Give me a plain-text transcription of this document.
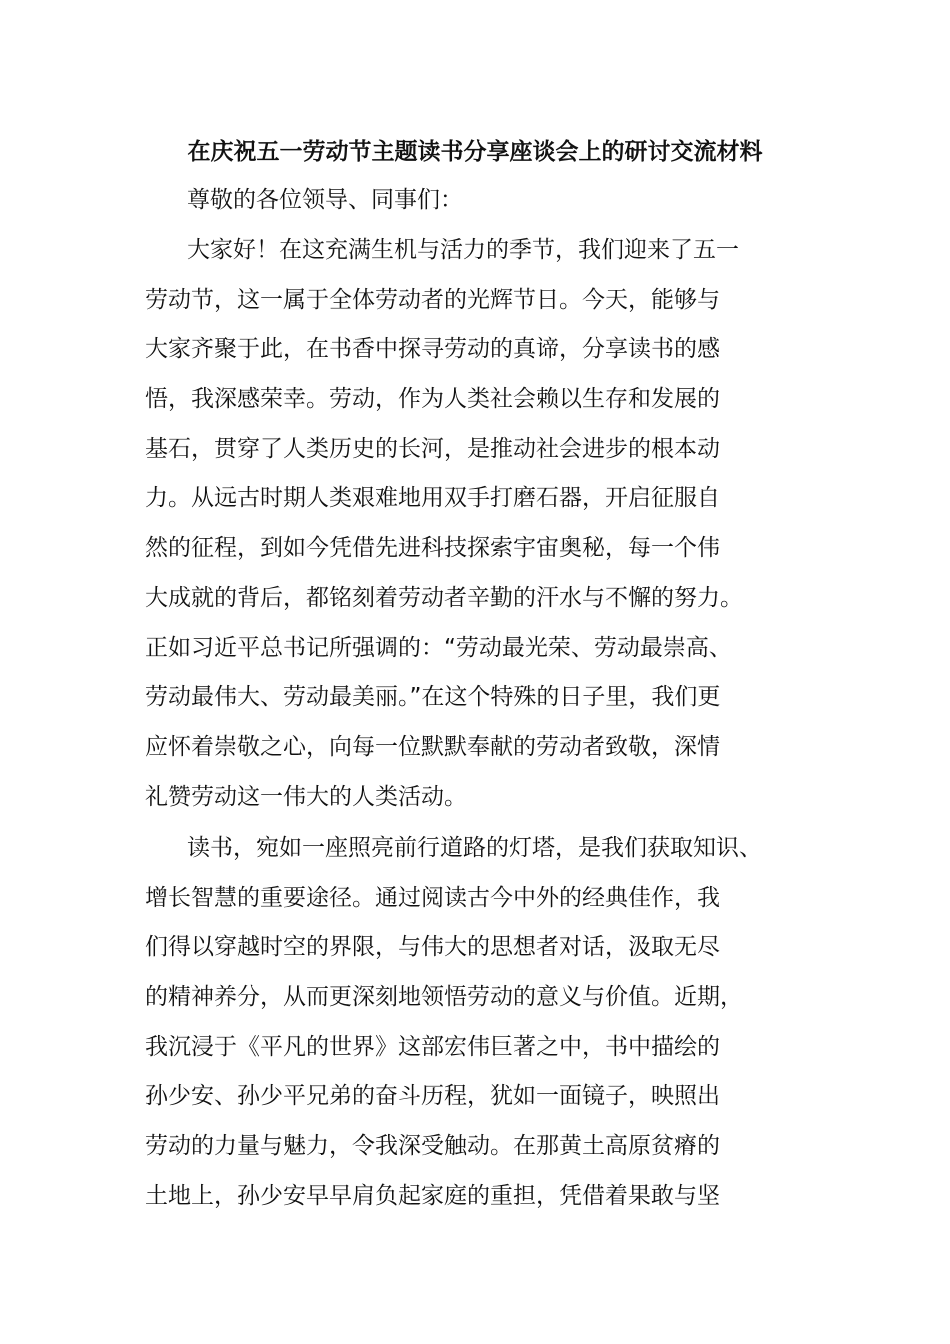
在庆祝五一劳动节主题读书分享座谈会上的研讨交流材料
尊敬的各位领导、同事们：
大家好！在这充满生机与活力的季节，我们迎来了五一
劳动节，这一属于全体劳动者的光辉节日。今天，能够与
大家齐聚于此，在书香中探寻劳动的真谛，分享读书的感
悟，我深感荣幸。劳动，作为人类社会赖以生存和发展的
基石，贯穿了人类历史的长河，是推动社会进步的根本动
力。从远古时期人类艰难地用双手打磨石器，开启征服自
然的征程，到如今凭借先进科技探索宇宙奥秘，每一个伟
大成就的背后，都铭刻着劳动者辛勤的汗水与不懈的努力。
正如习近平总书记所强调的：“劳动最光荣、劳动最崇高、
劳动最伟大、劳动最美丽。”在这个特殊的日子里，我们更
应怀着崇敬之心，向每一位默默奉献的劳动者致敬，深情
礼赞劳动这一伟大的人类活动。
读书，宛如一座照亮前行道路的灯塔，是我们获取知识、
增长智慧的重要途径。通过阅读古今中外的经典佳作，我
们得以穿越时空的界限，与伟大的思想者对话，汲取无尽
的精神养分，从而更深刻地领悟劳动的意义与价值。近期，
我沉浸于《平凡的世界》这部宏伟巨著之中，书中描绘的
孙少安、孙少平兄弟的奋斗历程，犹如一面镜子，映照出
劳动的力量与魅力，令我深受触动。在那黄土高原贫瘠的
土地上，孙少安早早肩负起家庭的重担，凭借着果敢与坚
